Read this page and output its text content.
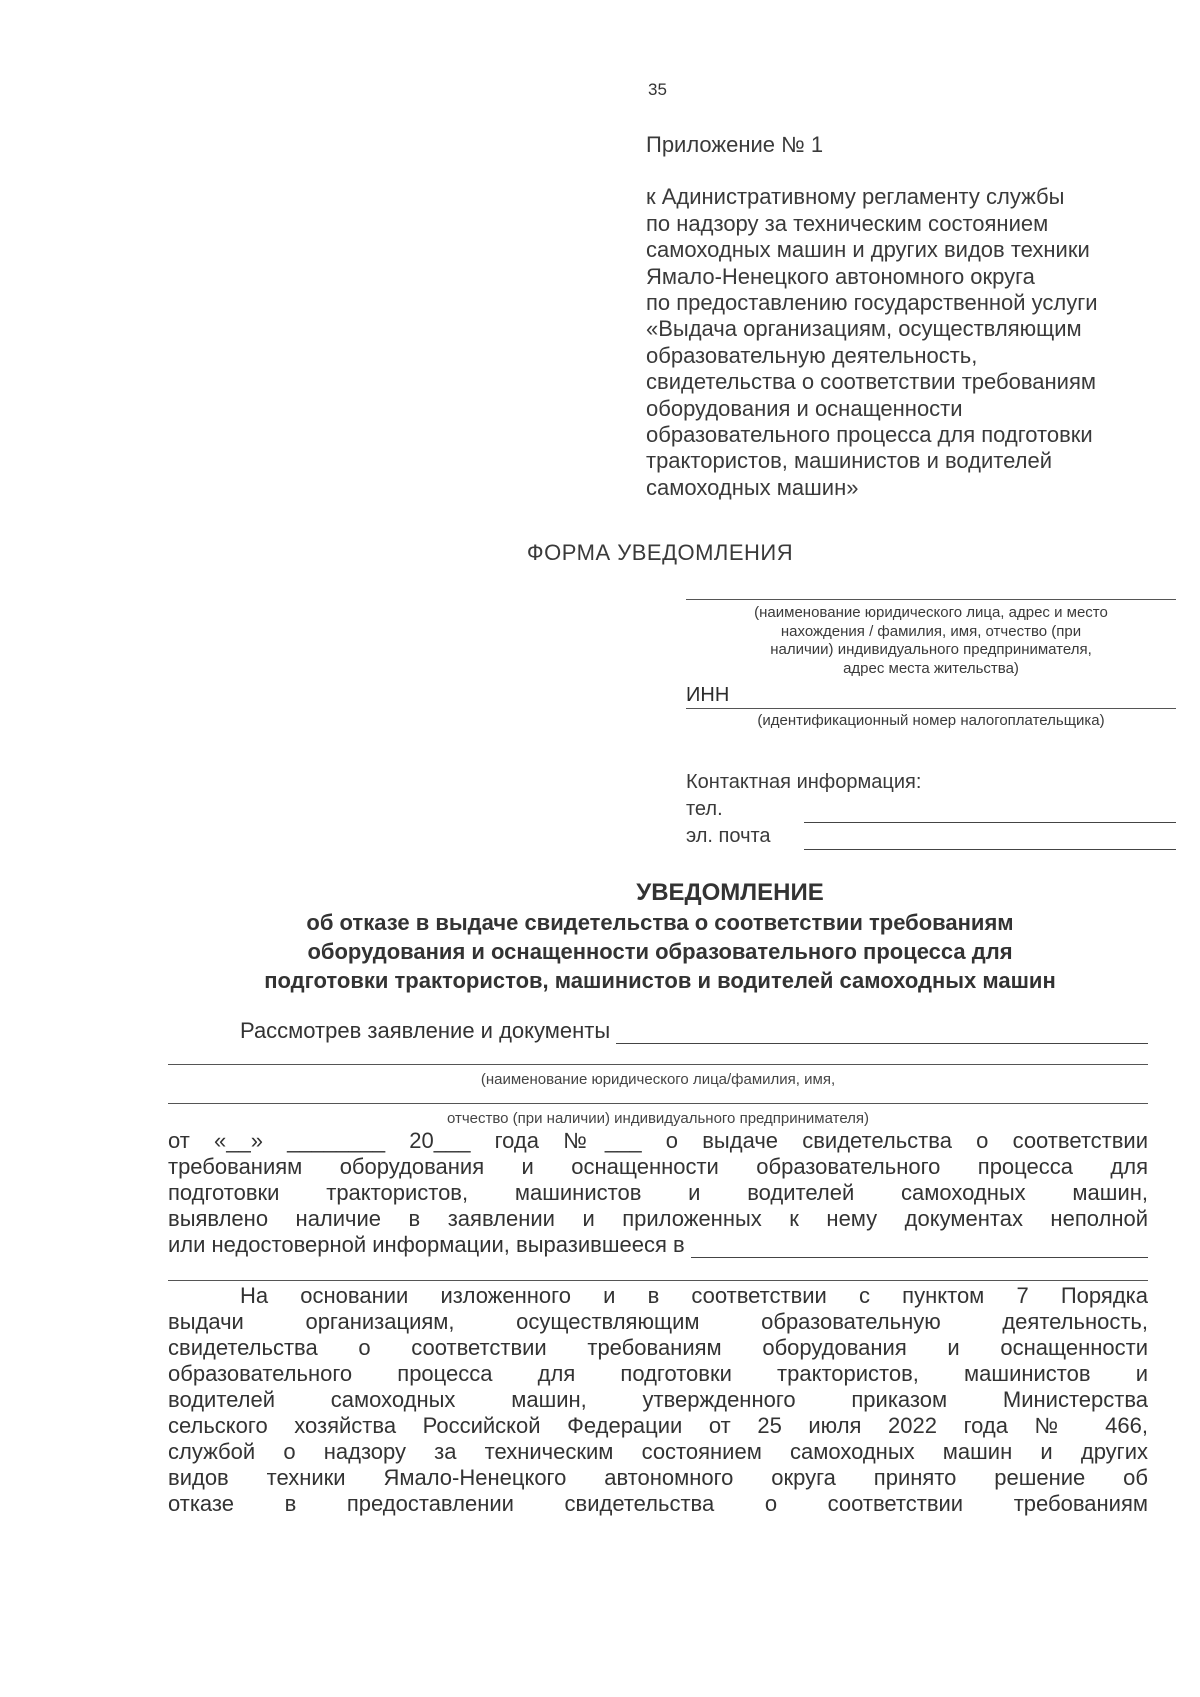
35
Приложение № 1
к Адинистративному регламенту службы
по надзору за техническим состоянием
самоходных машин и других видов техники
Ямало-Ненецкого автономного округа
по предоставлению государственной услуги
«Выдача организациям, осуществляющим
образовательную деятельность,
свидетельства о соответствии требованиям
оборудования и оснащенности
образовательного процесса для подготовки
трактористов, машинистов и водителей
самоходных машин»
ФОРМА УВЕДОМЛЕНИЯ
(наименование юридического лица, адрес и место
нахождения / фамилия, имя, отчество (при
наличии) индивидуального предпринимателя,
адрес места жительства)
ИНН
(идентификационный номер налогоплательщика)
Контактная информация:
тел.
эл. почта
УВЕДОМЛЕНИЕ
об отказе в выдаче свидетельства о соответствии требованиям
оборудования и оснащенности образовательного процесса для
подготовки трактористов, машинистов и водителей самоходных машин
Рассмотрев заявление и документы
(наименование юридического лица/фамилия, имя,
отчество (при наличии) индивидуального предпринимателя)
от «__» ________ 20___ года №___ о выдаче свидетельства о соответствии
требованиям оборудования и оснащенности образовательного процесса для
подготовки трактористов, машинистов и водителей самоходных машин,
выявлено наличие в заявлении и приложенных к нему документах неполной
или недостоверной информации, выразившееся в
На основании изложенного и в соответствии с пунктом 7 Порядка
выдачи организациям, осуществляющим образовательную деятельность,
свидетельства о соответствии требованиям оборудования и оснащенности
образовательного процесса для подготовки трактористов, машинистов и
водителей самоходных машин, утвержденного приказом Министерства
сельского хозяйства Российской Федерации от 25 июля 2022 года № 466,
службой о надзору за техническим состоянием самоходных машин и других
видов техники Ямало-Ненецкого автономного округа принято решение об
отказе в предоставлении свидетельства о соответствии требованиям
